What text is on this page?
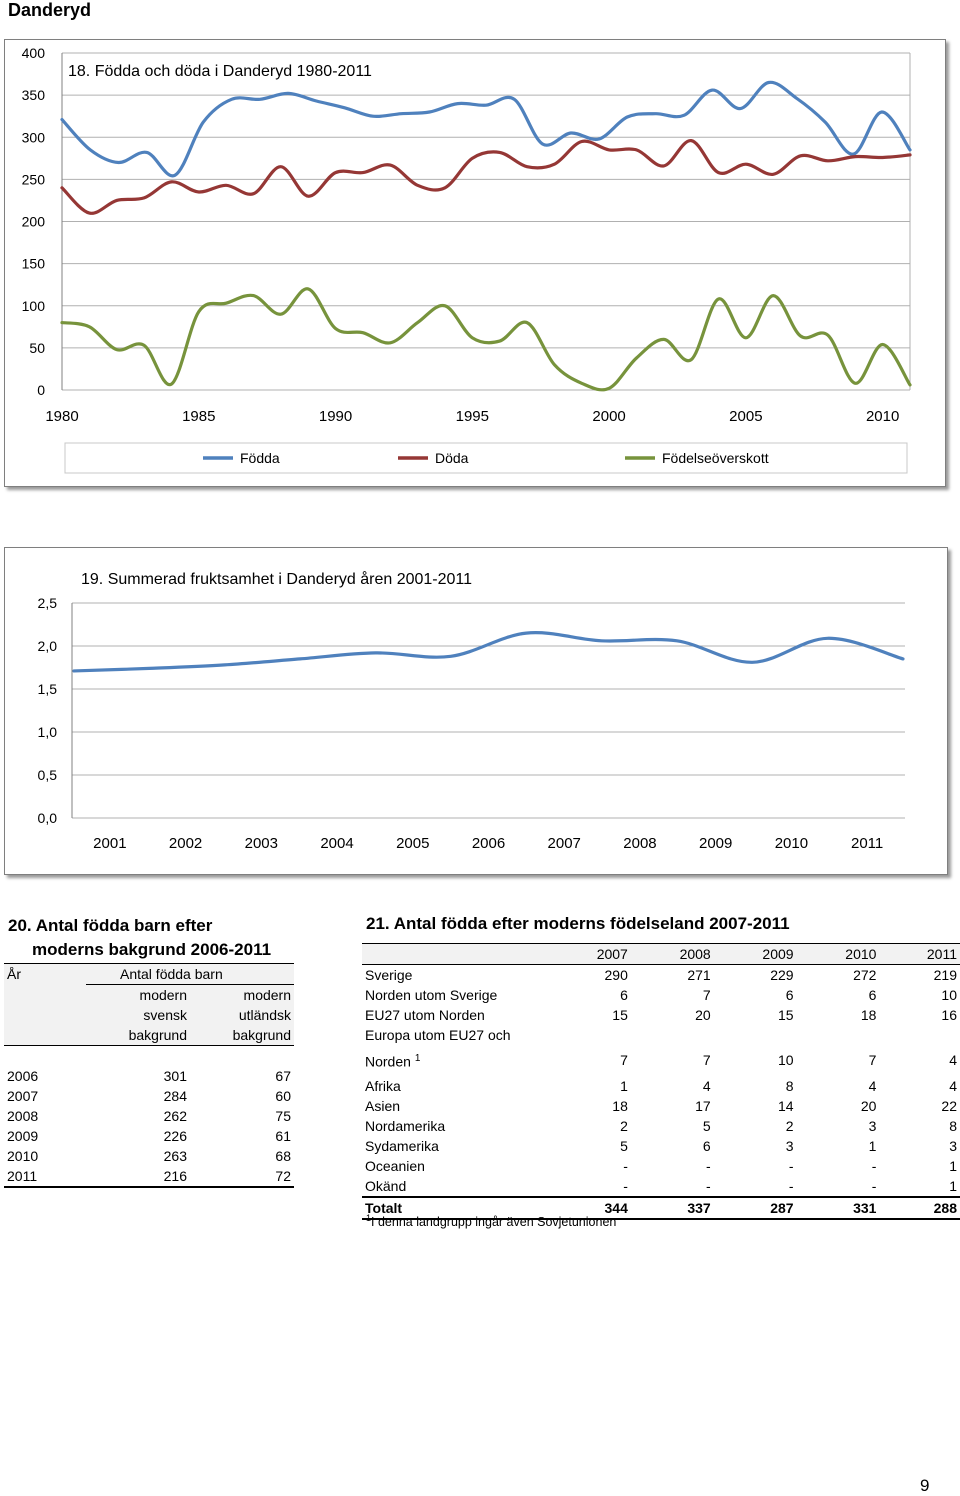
Danderyd
0
50
100
150
200
250
300
350
400
1980	1985	1990	1995	2000	2005	2010
18. Födda och döda i Danderyd 1980-2011
Födda	Döda	Födelseöverskott
0,0
0,5
1,0
1,5
2,0
2,5
2001	2002	2003	2004	2005	2006	2007	2008	2009	2010	2011
19. Summerad fruktsamhet i Danderyd åren 2001-2011
20. Antal födda barn efter
moderns bakgrund 2006-2011
År	Antal födda barn	
	modern	modern
	svensk	utländsk
	bakgrund	bakgrund

2006	301	67
2007	284	60
2008	262	75
2009	226	61
2010	263	68
2011	216	72
21. Antal födda efter moderns födelseland 2007-2011
	2007	2008	2009	2010	2011
Sverige	290	271	229	272	219
Norden utom Sverige	6	7	6	6	10
EU27 utom Norden	15	20	15	18	16
Europa utom EU27 och					
Norden $^1$	7	7	10	7	4
Afrika	1	4	8	4	4
Asien	18	17	14	20	22
Nordamerika	2	5	2	3	8
Sydamerika	5	6	3	1	3
Oceanien	-	-	-	-	1
Okänd	-	-	-	-	1
Totalt	344	337	287	331	288
$^1$I denna landgrupp ingår även Sovjetunionen
9
